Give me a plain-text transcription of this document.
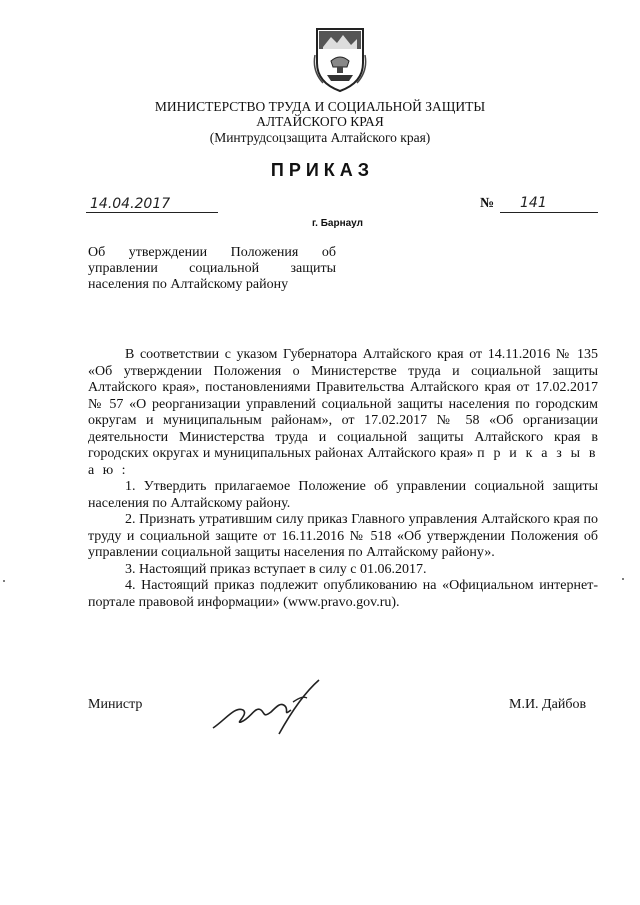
МИНИСТЕРСТВО ТРУДА И СОЦИАЛЬНОЙ ЗАЩИТЫ
АЛТАЙСКОГО КРАЯ
(Минтрудсоцзащита Алтайского края)
П Р И К А З
14.04.2017	№ 141
г. Барнаул
Об утверждении Положения об
управлении социальной защиты
населения по Алтайскому району

В соответствии с указом Губернатора Алтайского края от 14.11.2016 № 135 «Об утверждении Положения о Министерстве труда и социальной защиты Алтайского края», постановлениями Правительства Алтайского края от 17.02.2017 № 57 «О реорганизации управлений социальной защиты населения по городским округам и муниципальным районам», от 17.02.2017 № 58 «Об организации деятельности Министерства труда и социальной защиты Алтайского края в городских округах и муниципальных районах Алтайского края» п р и к а з ы в а ю :

1. Утвердить прилагаемое Положение об управлении социальной защиты населения по Алтайскому району.

2. Признать утратившим силу приказ Главного управления Алтайского края по труду и социальной защите от 16.11.2016 № 518 «Об утверждении Положения об управлении социальной защиты населения по Алтайскому району».

3. Настоящий приказ вступает в силу с 01.06.2017.

4. Настоящий приказ подлежит опубликованию на «Официальном интернет-портале правовой информации» (www.pravo.gov.ru).

Министр	М.И. Дайбов
